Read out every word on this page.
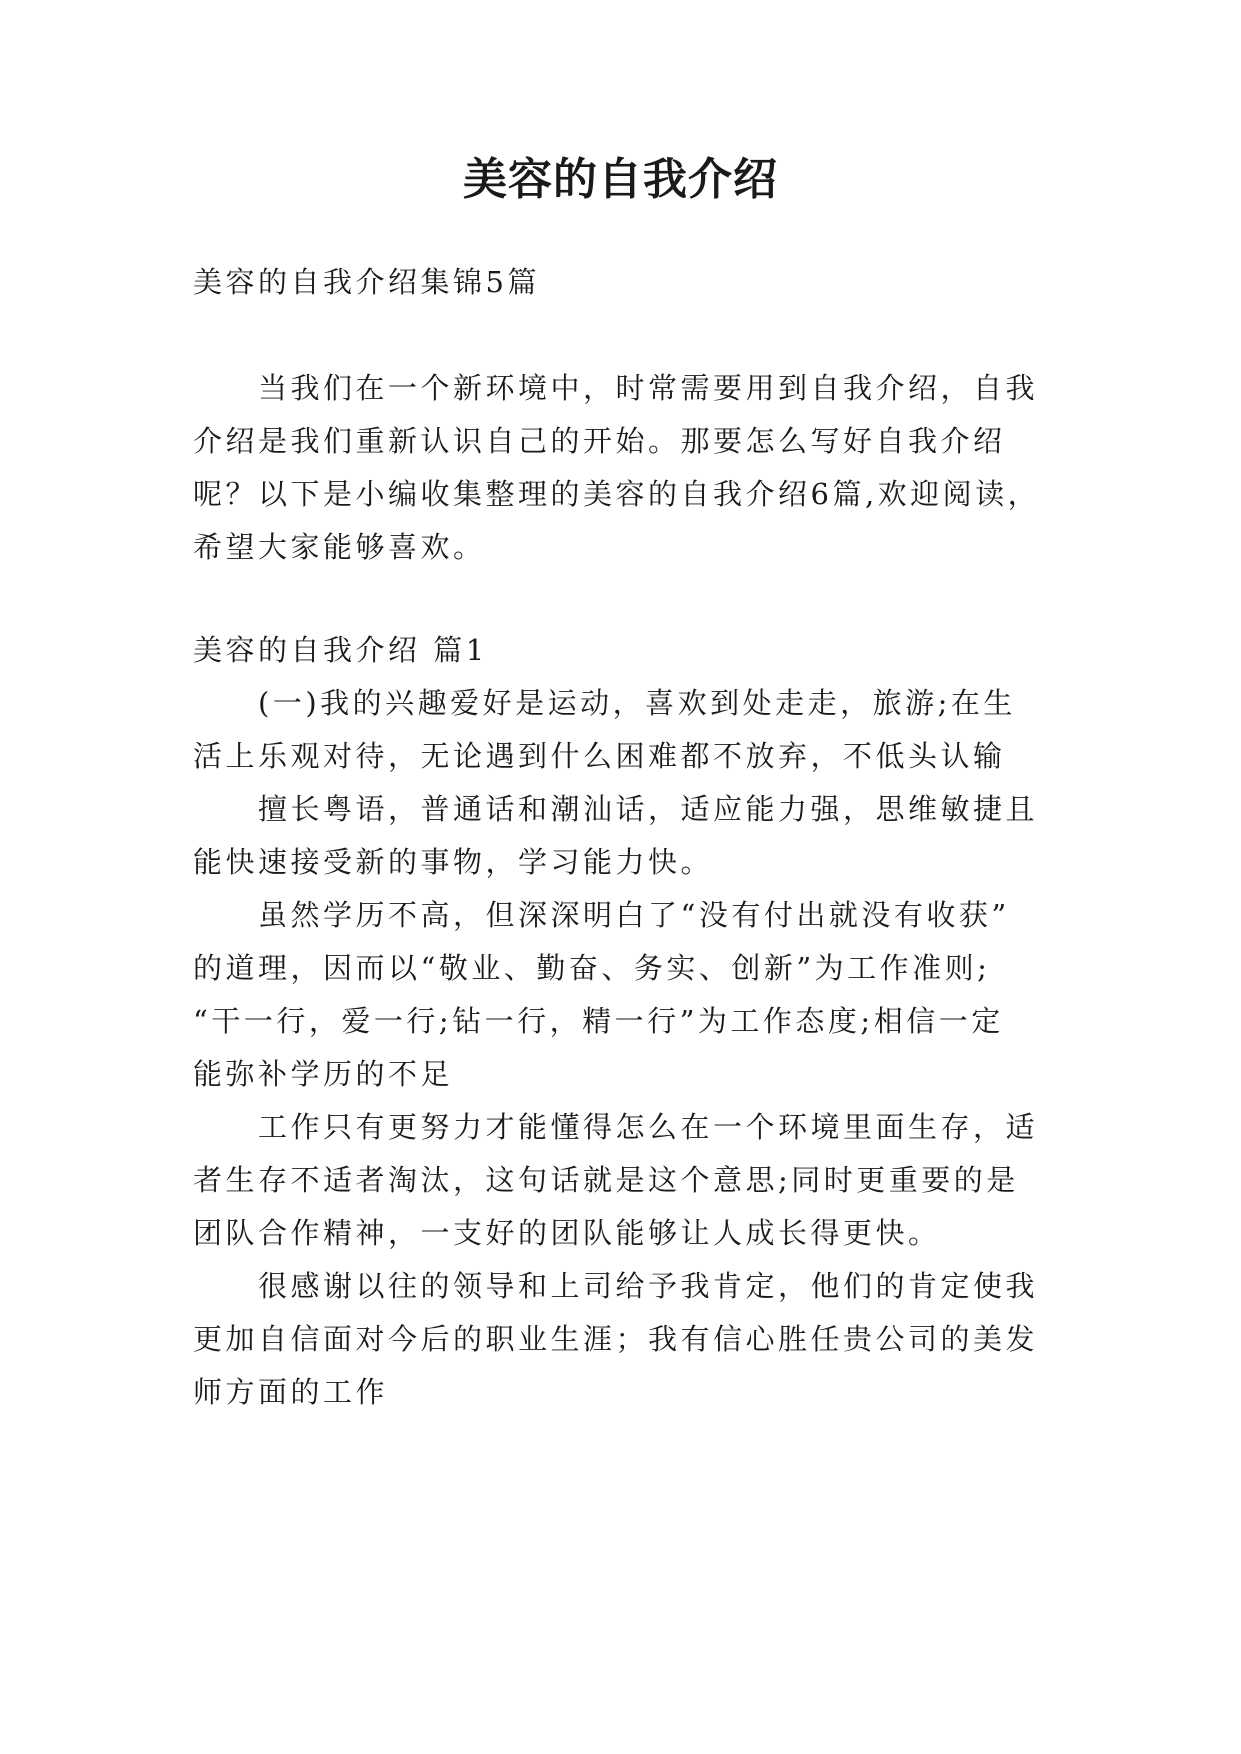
美容的自我介绍
美容的自我介绍集锦5篇
当我们在一个新环境中，时常需要用到自我介绍，自我
介绍是我们重新认识自己的开始。那要怎么写好自我介绍
呢？以下是小编收集整理的美容的自我介绍6篇,欢迎阅读，
希望大家能够喜欢。
美容的自我介绍 篇1
(一)我的兴趣爱好是运动，喜欢到处走走，旅游;在生
活上乐观对待，无论遇到什么困难都不放弃，不低头认输
擅长粤语，普通话和潮汕话，适应能力强，思维敏捷且
能快速接受新的事物，学习能力快。
虽然学历不高，但深深明白了“没有付出就没有收获”
的道理，因而以“敬业、勤奋、务实、创新”为工作准则;
“干一行，爱一行;钻一行，精一行”为工作态度;相信一定
能弥补学历的不足
工作只有更努力才能懂得怎么在一个环境里面生存，适
者生存不适者淘汰，这句话就是这个意思;同时更重要的是
团队合作精神，一支好的团队能够让人成长得更快。
很感谢以往的领导和上司给予我肯定，他们的肯定使我
更加自信面对今后的职业生涯；我有信心胜任贵公司的美发
师方面的工作
